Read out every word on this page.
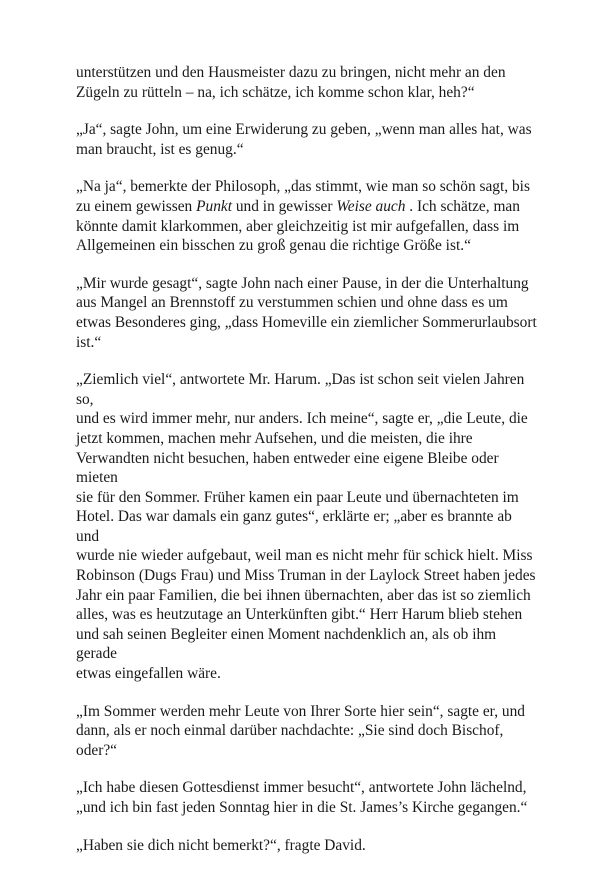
unterstützen und den Hausmeister dazu zu bringen, nicht mehr an den
Zügeln zu rütteln – na, ich schätze, ich komme schon klar, heh?“

„Ja“, sagte John, um eine Erwiderung zu geben, „wenn man alles hat, was
man braucht, ist es genug.“

„Na ja“, bemerkte der Philosoph, „das stimmt, wie man so schön sagt, bis
zu einem gewissen Punkt und in gewisser Weise auch . Ich schätze, man
könnte damit klarkommen, aber gleichzeitig ist mir aufgefallen, dass im
Allgemeinen ein bisschen zu groß genau die richtige Größe ist.“

„Mir wurde gesagt“, sagte John nach einer Pause, in der die Unterhaltung
aus Mangel an Brennstoff zu verstummen schien und ohne dass es um
etwas Besonderes ging, „dass Homeville ein ziemlicher Sommerurlaubsort
ist.“

„Ziemlich viel“, antwortete Mr. Harum. „Das ist schon seit vielen Jahren so,
und es wird immer mehr, nur anders. Ich meine“, sagte er, „die Leute, die
jetzt kommen, machen mehr Aufsehen, und die meisten, die ihre
Verwandten nicht besuchen, haben entweder eine eigene Bleibe oder mieten
sie für den Sommer. Früher kamen ein paar Leute und übernachteten im
Hotel. Das war damals ein ganz gutes“, erklärte er; „aber es brannte ab und
wurde nie wieder aufgebaut, weil man es nicht mehr für schick hielt. Miss
Robinson (Dugs Frau) und Miss Truman in der Laylock Street haben jedes
Jahr ein paar Familien, die bei ihnen übernachten, aber das ist so ziemlich
alles, was es heutzutage an Unterkünften gibt.“ Herr Harum blieb stehen
und sah seinen Begleiter einen Moment nachdenklich an, als ob ihm gerade
etwas eingefallen wäre.

„Im Sommer werden mehr Leute von Ihrer Sorte hier sein“, sagte er, und
dann, als er noch einmal darüber nachdachte: „Sie sind doch Bischof,
oder?“

„Ich habe diesen Gottesdienst immer besucht“, antwortete John lächelnd,
„und ich bin fast jeden Sonntag hier in die St. James’s Kirche gegangen.“

„Haben sie dich nicht bemerkt?“, fragte David.
